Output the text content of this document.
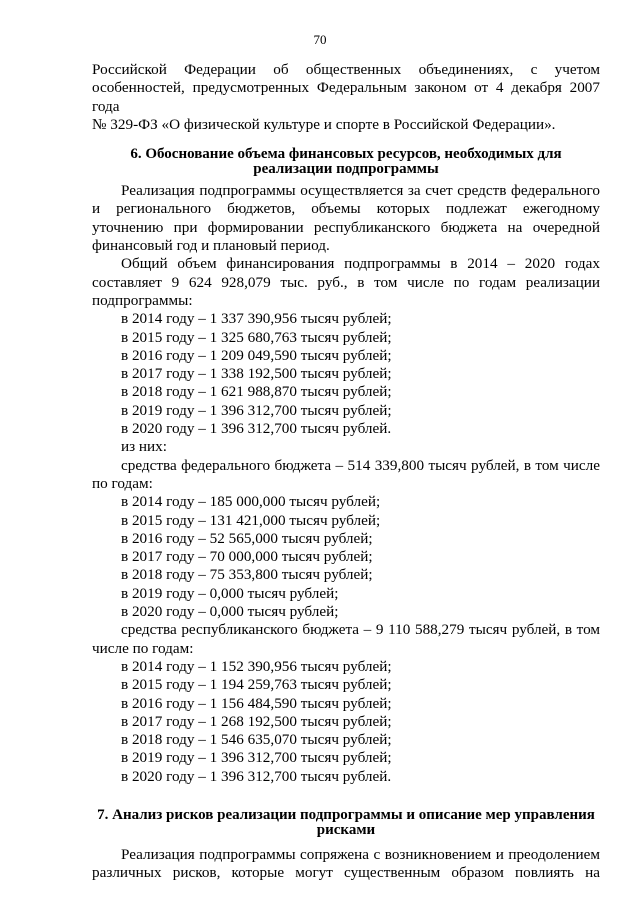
70

Российской Федерации об общественных объединениях, с учетом

особенностей, предусмотренных Федеральным законом от 4 декабря 2007 года

№ 329-ФЗ «О физической культуре и спорте в Российской Федерации».

6. Обоснование объема финансовых ресурсов, необходимых для

реализации подпрограммы

Реализация подпрограммы осуществляется за счет средств федерального

и регионального бюджетов, объемы которых подлежат ежегодному

уточнению при формировании республиканского бюджета на очередной

финансовый год и плановый период.

Общий объем финансирования подпрограммы в 2014 – 2020 годах

составляет 9 624 928,079 тыс. руб., в том числе по годам реализации

подпрограммы:

в 2014 году – 1 337 390,956 тысяч рублей;

в 2015 году – 1 325 680,763 тысяч рублей;

в 2016 году – 1 209 049,590 тысяч рублей;

в 2017 году – 1 338 192,500 тысяч рублей;

в 2018 году – 1 621 988,870 тысяч рублей;

в 2019 году – 1 396 312,700 тысяч рублей;

в 2020 году – 1 396 312,700 тысяч рублей.

из них:

средства федерального бюджета – 514 339,800 тысяч рублей, в том числе

по годам:

в 2014 году – 185 000,000 тысяч рублей;

в 2015 году – 131 421,000 тысяч рублей;

в 2016 году – 52 565,000 тысяч рублей;

в 2017 году – 70 000,000 тысяч рублей;

в 2018 году – 75 353,800 тысяч рублей;

в 2019 году – 0,000 тысяч рублей;

в 2020 году – 0,000 тысяч рублей;

средства республиканского бюджета – 9 110 588,279 тысяч рублей, в том

числе по годам:

в 2014 году – 1 152 390,956 тысяч рублей;

в 2015 году – 1 194 259,763 тысяч рублей;

в 2016 году – 1 156 484,590 тысяч рублей;

в 2017 году – 1 268 192,500 тысяч рублей;

в 2018 году – 1 546 635,070 тысяч рублей;

в 2019 году – 1 396 312,700 тысяч рублей;

в 2020 году – 1 396 312,700 тысяч рублей.

7. Анализ рисков реализации подпрограммы и описание мер управления

рисками

Реализация подпрограммы сопряжена с возникновением и преодолением

различных рисков, которые могут существенным образом повлиять на
